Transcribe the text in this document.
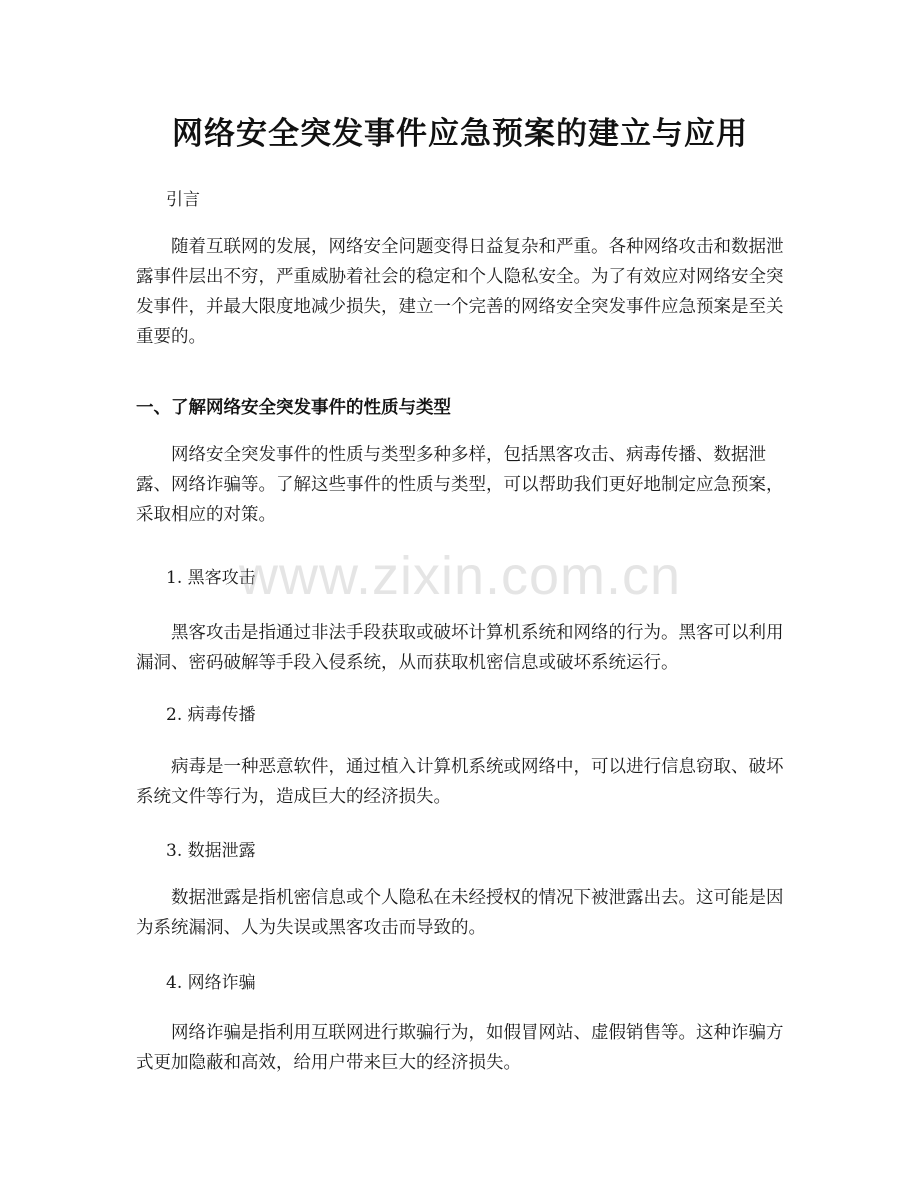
网络安全突发事件应急预案的建立与应用

引言

随着互联网的发展，网络安全问题变得日益复杂和严重。各种网络攻击和数据泄露事件层出不穷，严重威胁着社会的稳定和个人隐私安全。为了有效应对网络安全突发事件，并最大限度地减少损失，建立一个完善的网络安全突发事件应急预案是至关重要的。

一、了解网络安全突发事件的性质与类型

网络安全突发事件的性质与类型多种多样，包括黑客攻击、病毒传播、数据泄露、网络诈骗等。了解这些事件的性质与类型，可以帮助我们更好地制定应急预案，采取相应的对策。

1. 黑客攻击

黑客攻击是指通过非法手段获取或破坏计算机系统和网络的行为。黑客可以利用漏洞、密码破解等手段入侵系统，从而获取机密信息或破坏系统运行。

2. 病毒传播

病毒是一种恶意软件，通过植入计算机系统或网络中，可以进行信息窃取、破坏系统文件等行为，造成巨大的经济损失。

3. 数据泄露

数据泄露是指机密信息或个人隐私在未经授权的情况下被泄露出去。这可能是因为系统漏洞、人为失误或黑客攻击而导致的。

4. 网络诈骗

网络诈骗是指利用互联网进行欺骗行为，如假冒网站、虚假销售等。这种诈骗方式更加隐蔽和高效，给用户带来巨大的经济损失。

www.zixin.com.cn
